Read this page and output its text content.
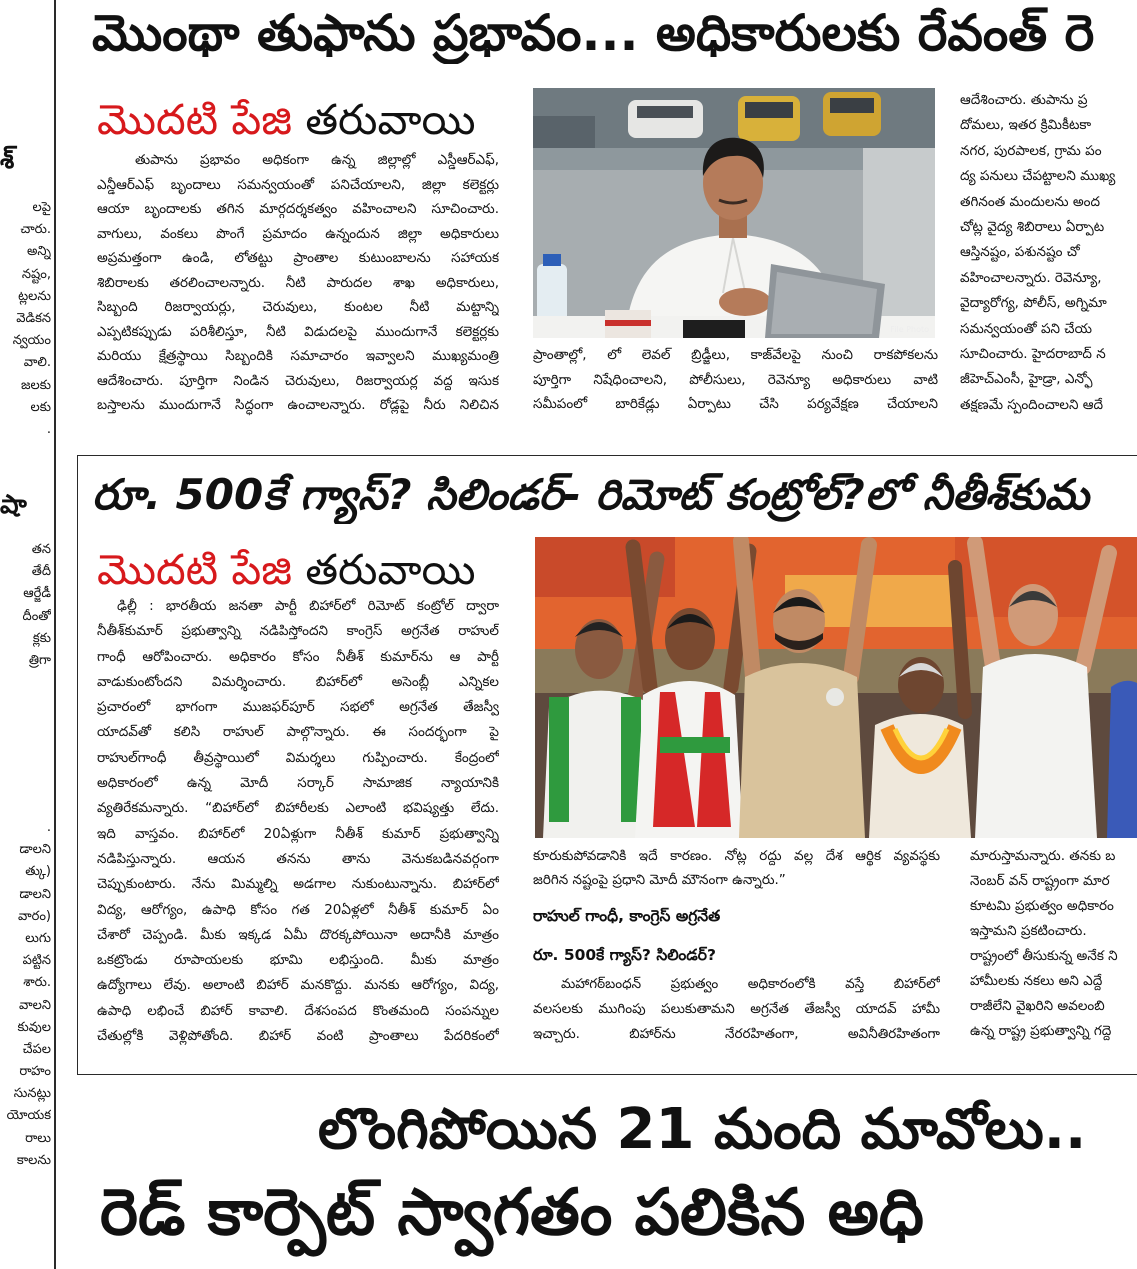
శ్
లపై
చారు.
అన్ని
నష్టం,
ట్లలను
వెడికన
న్వయం
వాలి.
జలకు
లకు
.
షా
తన
తేదీ
ఆర్జేడీ
దీంతో
క్లకు
త్రిగా
.
డాలని
త్కు)
డాలని
వారం)
లుగు
పట్టిన
శారు.
వాలని
కువుల
చేపల
రాహం
సునట్లు
యోయక
రాలు
కాలను
మొంథా తుఫాను ప్రభావం... అధికారులకు రేవంత్ రె
మొదటి పేజి తరువాయి
తుపాను ప్రభావం అధికంగా ఉన్న జిల్లాల్లో ఎస్డీఆర్ఎఫ్,
ఎన్డీఆర్ఎఫ్ బృందాలు సమన్వయంతో పనిచేయాలని, జిల్లా కలెక్టర్లు
ఆయా బృందాలకు తగిన మార్గదర్శకత్వం వహించాలని సూచించారు.
వాగులు, వంకలు పొంగే ప్రమాదం ఉన్నందున జిల్లా అధికారులు
అప్రమత్తంగా ఉండి, లోతట్టు ప్రాంతాల కుటుంబాలను సహాయక
శిబిరాలకు తరలించాలన్నారు. నీటి పారుదల శాఖ అధికారులు,
సిబ్బంది రిజర్వాయర్లు, చెరువులు, కుంటల నీటి మట్టాన్ని
ఎప్పటికప్పుడు పరిశీలిస్తూ, నీటి విడుదలపై ముందుగానే కలెక్టర్లకు
మరియు క్షేత్రస్థాయి సిబ్బందికి సమాచారం ఇవ్వాలని ముఖ్యమంత్రి
ఆదేశించారు. పూర్తిగా నిండిన చెరువులు, రిజర్వాయర్ల వద్ద ఇసుక
బస్తాలను ముందుగానే సిద్ధంగా ఉంచాలన్నారు. రోడ్లపై నీరు నిలిచిన
File Photo
ప్రాంతాల్లో, లో లెవల్ బ్రిడ్జీలు, కాజ్‌వేలపై నుంచి రాకపోకలను
పూర్తిగా నిషేధించాలని, పోలీసులు, రెవెన్యూ అధికారులు వాటి
సమీపంలో బారికేడ్లు ఏర్పాటు చేసి పర్యవేక్షణ చేయాలని
ఆదేశించారు. తుపాను ప్ర
దోమలు, ఇతర క్రిమికీటకా
నగర, పురపాలక, గ్రామ పం
ద్య పనులు చేపట్టాలని ముఖ్య
తగినంత మందులను అంద
చోట్ల వైద్య శిబిరాలు ఏర్పాట
ఆస్తినష్టం, పశునష్టం చో
వహించాలన్నారు. రెవెన్యూ,
వైద్యారోగ్య, పోలీస్, అగ్నిమా
సమన్వయంతో పని చేయ
సూచించారు. హైదరాబాద్ న
జీహెచ్ఎంసీ, హైడ్రా, ఎన్ఫో
తక్షణమే స్పందించాలని ఆదే
రూ. 500కే గ్యాస్? సిలిండర్- రిమోట్ కంట్రోల్?లో నీతీశ్‌కుమ
మొదటి పేజి తరువాయి
ఢిల్లీ : భారతీయ జనతా పార్టీ బిహార్‌లో రిమోట్ కంట్రోల్ ద్వారా
నీతీశ్‌కుమార్ ప్రభుత్వాన్ని నడిపిస్తోందని కాంగ్రెస్ అగ్రనేత రాహుల్
గాంధీ ఆరోపించారు. అధికారం కోసం నీతీశ్ కుమార్‌ను ఆ పార్టీ
వాడుకుంటోందని విమర్శించారు. బిహార్‌లో అసెంబ్లీ ఎన్నికల
ప్రచారంలో భాగంగా ముజఫర్‌పూర్ సభలో అగ్రనేత తేజస్వీ
యాదవ్‌తో కలిసి రాహుల్ పాల్గొన్నారు. ఈ సందర్భంగా పై
రాహుల్‌గాంధీ తీవ్రస్థాయిలో విమర్శలు గుప్పించారు. కేంద్రంలో
అధికారంలో ఉన్న మోదీ సర్కార్ సామాజిక న్యాయానికి
వ్యతిరేకమన్నారు. “బిహార్‌లో బిహారీలకు ఎలాంటి భవిష్యత్తు లేదు.
ఇది వాస్తవం. బిహార్‌లో 20ఏళ్లుగా నీతీశ్ కుమార్ ప్రభుత్వాన్ని
నడిపిస్తున్నారు. ఆయన తనను తాను వెనుకబడినవర్గంగా
చెప్పుకుంటారు. నేను మిమ్మల్ని అడగాల నుకుంటున్నాను. బిహార్‌లో
విద్య, ఆరోగ్యం, ఉపాధి కోసం గత 20ఏళ్లలో నీతీశ్ కుమార్ ఏం
చేశారో చెప్పండి. మీకు ఇక్కడ ఏమీ దొరక్కపోయినా అదానీకి మాత్రం
ఒకట్రొండు రూపాయలకు భూమి లభిస్తుంది. మీకు మాత్రం
ఉద్యోగాలు లేవు. అలాంటి బిహార్ మనకొద్దు. మనకు ఆరోగ్యం, విద్య,
ఉపాధి లభించే బిహార్ కావాలి. దేశసంపద కొంతమంది సంపన్నుల
చేతుల్లోకి వెళ్లిపోతోంది. బిహార్ వంటి ప్రాంతాలు పేదరికంలో
కూరుకుపోవడానికి ఇదే కారణం. నోట్ల రద్దు వల్ల దేశ ఆర్థిక వ్యవస్థకు
జరిగిన నష్టంపై ప్రధాని మోదీ మౌనంగా ఉన్నారు.”
రాహుల్ గాంధీ, కాంగ్రెస్ అగ్రనేత
రూ. 500కే గ్యాస్? సిలిండర్?
మహాగఠ్‌బంధన్ ప్రభుత్వం అధికారంలోకి వస్తే బిహార్‌లో
వలసలకు ముగింపు పలుకుతామని అగ్రనేత తేజస్వీ యాదవ్ హామీ
ఇచ్చారు. బిహార్‌ను నేరరహితంగా, అవినీతిరహితంగా
మారుస్తామన్నారు. తనకు బ
నెంబర్ వన్ రాష్ట్రంగా మార
కూటమి ప్రభుత్వం అధికారం
ఇస్తామని ప్రకటించారు.
రాష్ట్రంలో తీసుకున్న అనేక ని
హామీలకు నకలు అని ఎద్దే
రాజీలేని వైఖరిని అవలంబి
ఉన్న రాష్ట్ర ప్రభుత్వాన్ని గద్దె
లొంగిపోయిన 21 మంది మావోలు..
రెడ్ కార్పెట్ స్వాగతం పలికిన అధి
